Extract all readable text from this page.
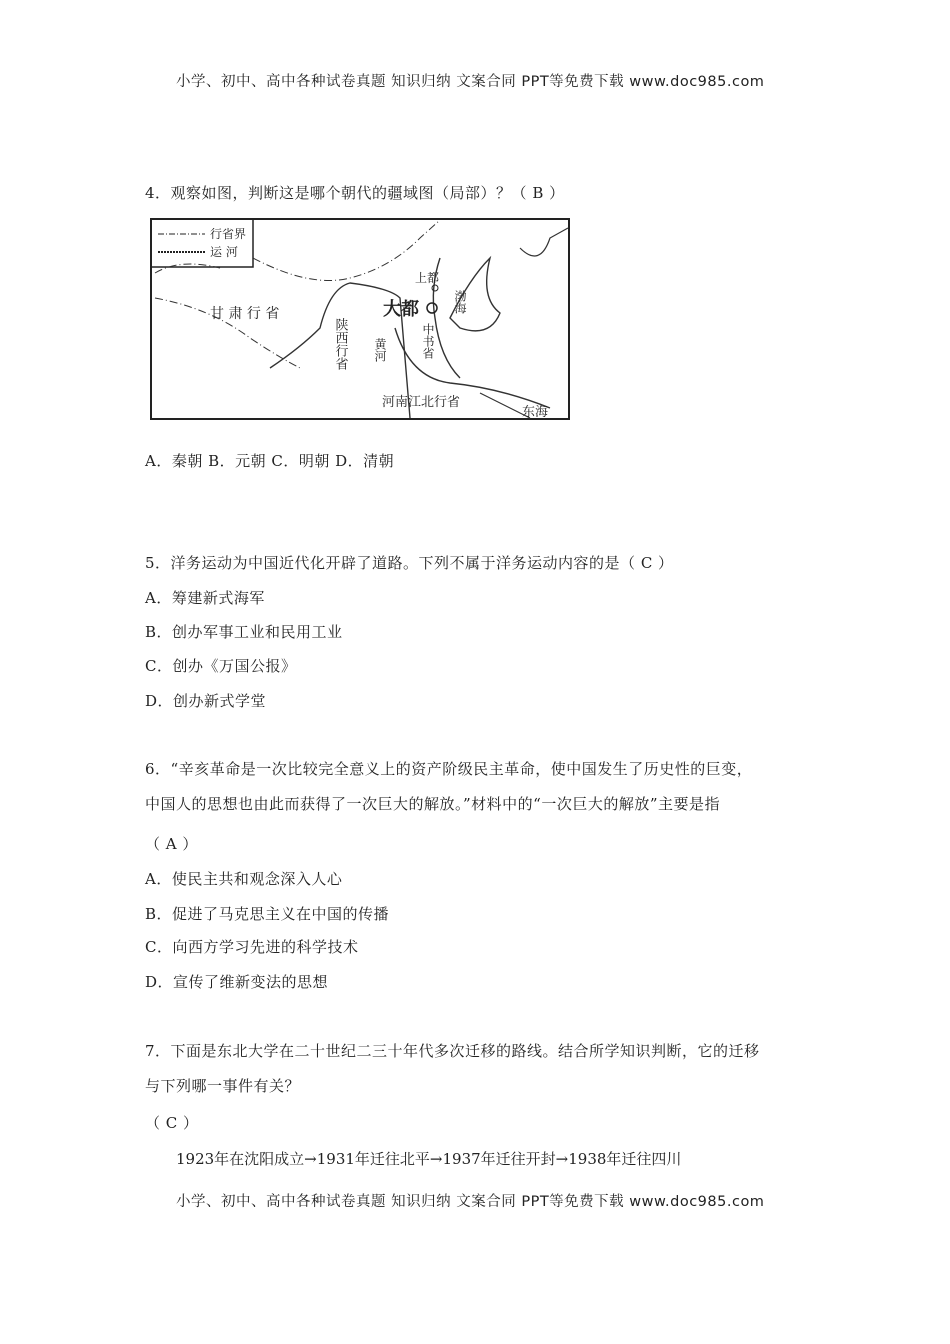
小学、初中、高中各种试卷真题 知识归纳 文案合同 PPT等免费下载 www.doc985.com
4．观察如图，判断这是哪个朝代的疆域图（局部）？（ B ）
行省界
运 河
甘 肃 行 省
陕西行省 黄河
大都
上都
中书省
渤海
河南江北行省
东海
A．秦朝 B．元朝 C．明朝 D．清朝
5．洋务运动为中国近代化开辟了道路。下列不属于洋务运动内容的是（ C ）
A．筹建新式海军
B．创办军事工业和民用工业
C．创办《万国公报》
D．创办新式学堂
6．“辛亥革命是一次比较完全意义上的资产阶级民主革命，使中国发生了历史性的巨变，
中国人的思想也由此而获得了一次巨大的解放。”材料中的“一次巨大的解放”主要是指
（ A ）
A．使民主共和观念深入人心
B．促进了马克思主义在中国的传播
C．向西方学习先进的科学技术
D．宣传了维新变法的思想
7．下面是东北大学在二十世纪二三十年代多次迁移的路线。结合所学知识判断，它的迁移
与下列哪一事件有关？
（ C ）
1923年在沈阳成立→1931年迁往北平→1937年迁往开封→1938年迁往四川
小学、初中、高中各种试卷真题 知识归纳 文案合同 PPT等免费下载 www.doc985.com
